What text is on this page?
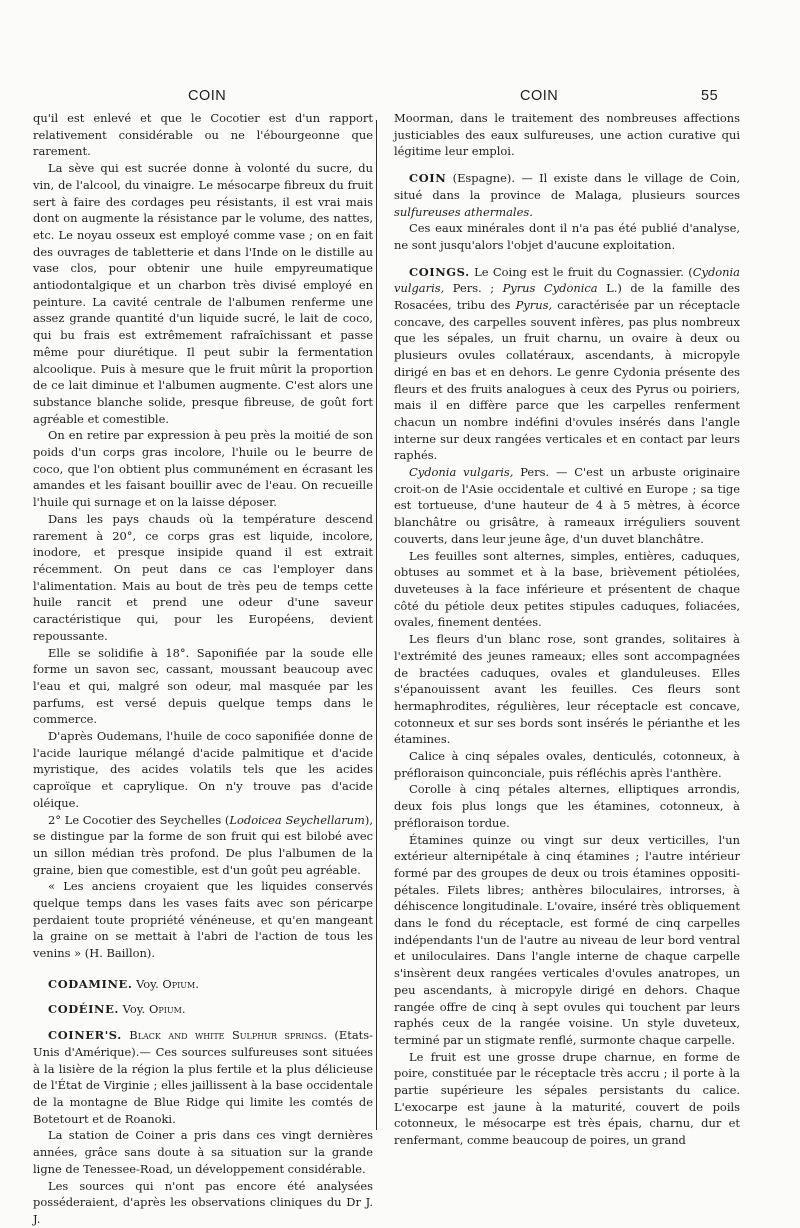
COIN	COIN	55

qu'il est enlevé et que le Cocotier est d'un rapport relativement considérable ou ne l'ébourgeonne que rarement.

La sève qui est sucrée donne à volonté du sucre, du vin, de l'alcool, du vinaigre. Le mésocarpe fibreux du fruit sert à faire des cordages peu résistants, il est vrai mais dont on augmente la résistance par le volume, des nattes, etc. Le noyau osseux est employé comme vase ; on en fait des ouvrages de tabletterie et dans l'Inde on le distille au vase clos, pour obtenir une huile empyreumatique antiodontalgique et un charbon très divisé employé en peinture. La cavité centrale de l'albumen renferme une assez grande quantité d'un liquide sucré, le lait de coco, qui bu frais est extrêmement rafraîchissant et passe même pour diurétique. Il peut subir la fermentation alcoolique. Puis à mesure que le fruit mûrit la proportion de ce lait diminue et l'albumen augmente. C'est alors une substance blanche solide, presque fibreuse, de goût fort agréable et comestible.

On en retire par expression à peu près la moitié de son poids d'un corps gras incolore, l'huile ou le beurre de coco, que l'on obtient plus communément en écrasant les amandes et les faisant bouillir avec de l'eau. On recueille l'huile qui surnage et on la laisse déposer.

Dans les pays chauds où la température descend rarement à 20°, ce corps gras est liquide, incolore, inodore, et presque insipide quand il est extrait récemment. On peut dans ce cas l'employer dans l'alimentation. Mais au bout de très peu de temps cette huile rancit et prend une odeur d'une saveur caractéristique qui, pour les Européens, devient repoussante.

Elle se solidifie à 18°. Saponifiée par la soude elle forme un savon sec, cassant, moussant beaucoup avec l'eau et qui, malgré son odeur, mal masquée par les parfums, est versé depuis quelque temps dans le commerce.

D'après Oudemans, l'huile de coco saponifiée donne de l'acide laurique mélangé d'acide palmitique et d'acide myristique, des acides volatils tels que les acides caproïque et caprylique. On n'y trouve pas d'acide oléique.

2° Le Cocotier des Seychelles (Lodoicea Seychellarum), se distingue par la forme de son fruit qui est bilobé avec un sillon médian très profond. De plus l'albumen de la graine, bien que comestible, est d'un goût peu agréable.

« Les anciens croyaient que les liquides conservés quelque temps dans les vases faits avec son péricarpe perdaient toute propriété vénéneuse, et qu'en mangeant la graine on se mettait à l'abri de l'action de tous les venins » (H. Baillon).

CODAMINE. Voy. Opium.

CODÉINE. Voy. Opium.

COINER'S. Black and white Sulphur springs. (Etats-Unis d'Amérique).— Ces sources sulfureuses sont situées à la lisière de la région la plus fertile et la plus délicieuse de l'État de Virginie ; elles jaillissent à la base occidentale de la montagne de Blue Ridge qui limite les comtés de Botetourt et de Roanoki.

La station de Coiner a pris dans ces vingt dernières années, grâce sans doute à sa situation sur la grande ligne de Tenessee-Road, un développement considérable.

Les sources qui n'ont pas encore été analysées posséderaient, d'après les observations cliniques du Dr J. J.

Moorman, dans le traitement des nombreuses affections justiciables des eaux sulfureuses, une action curative qui légitime leur emploi.

COIN (Espagne). — Il existe dans le village de Coin, situé dans la province de Malaga, plusieurs sources sulfureuses athermales.

Ces eaux minérales dont il n'a pas été publié d'analyse, ne sont jusqu'alors l'objet d'aucune exploitation.

COINGS. Le Coing est le fruit du Cognassier. (Cydonia vulgaris, Pers. ; Pyrus Cydonica L.) de la famille des Rosacées, tribu des Pyrus, caractérisée par un réceptacle concave, des carpelles souvent infères, pas plus nombreux que les sépales, un fruit charnu, un ovaire à deux ou plusieurs ovules collatéraux, ascendants, à micropyle dirigé en bas et en dehors. Le genre Cydonia présente des fleurs et des fruits analogues à ceux des Pyrus ou poiriers, mais il en diffère parce que les carpelles renferment chacun un nombre indéfini d'ovules insérés dans l'angle interne sur deux rangées verticales et en contact par leurs raphés.

Cydonia vulgaris, Pers. — C'est un arbuste originaire croit-on de l'Asie occidentale et cultivé en Europe ; sa tige est tortueuse, d'une hauteur de 4 à 5 mètres, à écorce blanchâtre ou grisâtre, à rameaux irréguliers souvent couverts, dans leur jeune âge, d'un duvet blanchâtre.

Les feuilles sont alternes, simples, entières, caduques, obtuses au sommet et à la base, brièvement pétiolées, duveteuses à la face inférieure et présentent de chaque côté du pétiole deux petites stipules caduques, foliacées, ovales, finement dentées.

Les fleurs d'un blanc rose, sont grandes, solitaires à l'extrémité des jeunes rameaux; elles sont accompagnées de bractées caduques, ovales et glanduleuses. Elles s'épanouissent avant les feuilles. Ces fleurs sont hermaphrodites, régulières, leur réceptacle est concave, cotonneux et sur ses bords sont insérés le périanthe et les étamines.

Calice à cinq sépales ovales, denticulés, cotonneux, à préfloraison quinconciale, puis réfléchis après l'anthère.

Corolle à cinq pétales alternes, elliptiques arrondis, deux fois plus longs que les étamines, cotonneux, à préfloraison tordue.

Étamines quinze ou vingt sur deux verticilles, l'un extérieur alternipétale à cinq étamines ; l'autre intérieur formé par des groupes de deux ou trois étamines oppositi-pétales. Filets libres; anthères biloculaires, introrses, à déhiscence longitudinale. L'ovaire, inséré très obliquement dans le fond du réceptacle, est formé de cinq carpelles indépendants l'un de l'autre au niveau de leur bord ventral et uniloculaires. Dans l'angle interne de chaque carpelle s'insèrent deux rangées verticales d'ovules anatropes, un peu ascendants, à micropyle dirigé en dehors. Chaque rangée offre de cinq à sept ovules qui touchent par leurs raphés ceux de la rangée voisine. Un style duveteux, terminé par un stigmate renflé, surmonte chaque carpelle.

Le fruit est une grosse drupe charnue, en forme de poire, constituée par le réceptacle très accru ; il porte à la partie supérieure les sépales persistants du calice. L'exocarpe est jaune à la maturité, couvert de poils cotonneux, le mésocarpe est très épais, charnu, dur et renfermant, comme beaucoup de poires, un grand
